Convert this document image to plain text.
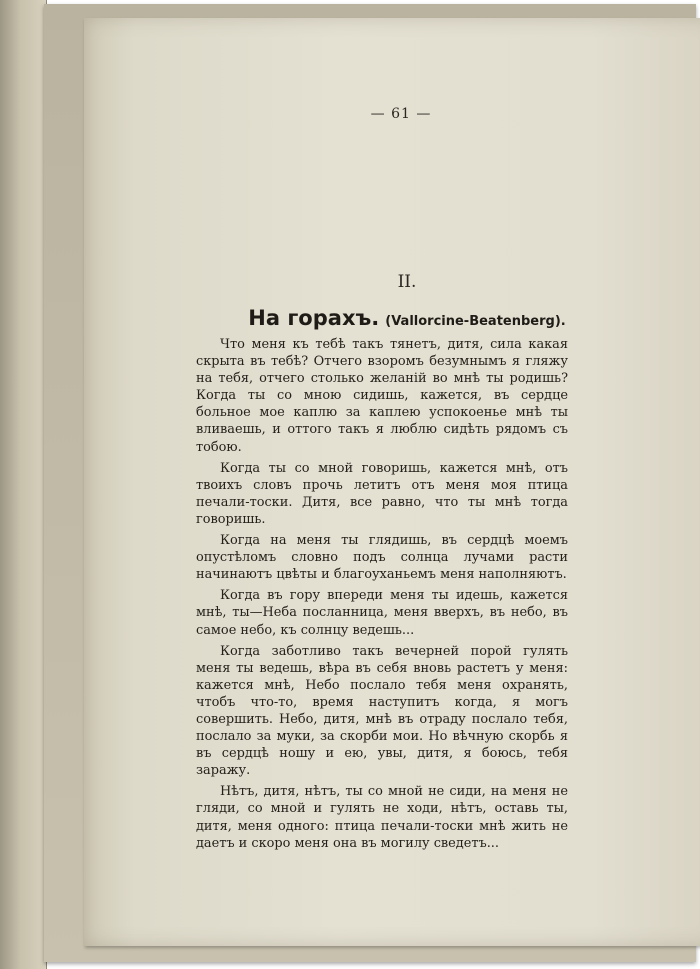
— 61 —
II.
На горахъ. (Vallorcine-Beatenberg).

Что меня къ тебѣ такъ тянетъ, дитя, сила какая скрыта въ тебѣ? Отчего взоромъ безумнымъ я гляжу на тебя, отчего столько желаній во мнѣ ты родишь? Когда ты со мною сидишь, кажется, въ сердце больное мое каплю за каплею успокоенье мнѣ ты вливаешь, и оттого такъ я люблю сидѣть рядомъ съ тобою.

Когда ты со мной говоришь, кажется мнѣ, отъ твоихъ словъ прочь летитъ отъ меня моя птица печали-тоски. Дитя, все равно, что ты мнѣ тогда говоришь.

Когда на меня ты глядишь, въ сердцѣ моемъ опустѣломъ словно подъ солнца лучами расти начинаютъ цвѣты и благоуханьемъ меня наполняютъ.

Когда въ гору впереди меня ты идешь, кажется мнѣ, ты—Неба посланница, меня вверхъ, въ небо, въ самое небо, къ солнцу ведешь...

Когда заботливо такъ вечерней порой гулять меня ты ведешь, вѣра въ себя вновь растетъ у меня: кажется мнѣ, Небо послало тебя меня охранять, чтобъ что-то, время наступитъ когда, я могъ совершить. Небо, дитя, мнѣ въ отраду послало тебя, послало за муки, за скорби мои. Но вѣчную скорбь я въ сердцѣ ношу и ею, увы, дитя, я боюсь, тебя заражу.

Нѣтъ, дитя, нѣтъ, ты со мной не сиди, на меня не гляди, со мной и гулять не ходи, нѣтъ, оставь ты, дитя, меня одного: птица печали-тоски мнѣ жить не даетъ и скоро меня она въ могилу сведетъ...
